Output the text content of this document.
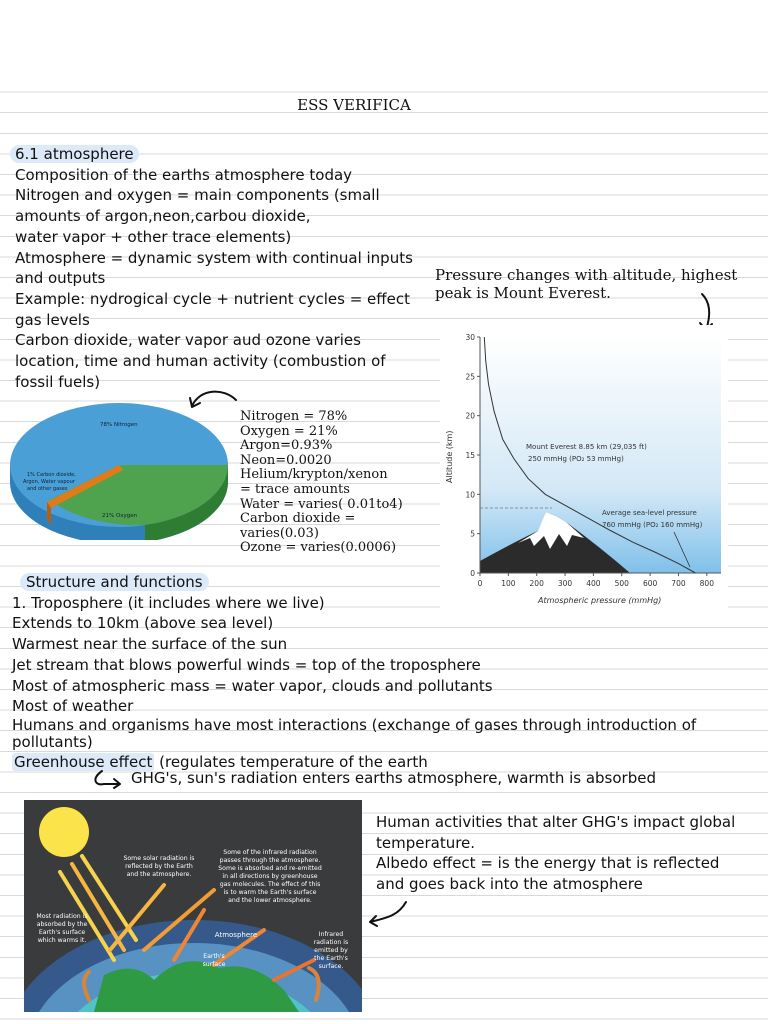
ESS VERIFICA
6.1 atmosphere
Composition of the earths atmosphere today
Nitrogen and oxygen = main components (small
amounts of argon,neon,carbou dioxide,
water vapor + other trace elements)
Atmosphere = dynamic system with continual inputs
and outputs
Example: nydrogical cycle + nutrient cycles = effect
gas levels
Carbon dioxide, water vapor aud ozone varies
location, time and human activity (combustion of
fossil fuels)
Pressure changes with altitude, highest
peak is Mount Everest.
78% Nitrogen
21% Oxygen
1% Carbon dioxide,
Argon, Water vapour
and other gases
Nitrogen = 78%
Oxygen = 21%
Argon=0.93%
Neon=0.0020
Helium/krypton/xenon
= trace amounts
Water = varies( 0.01to4)
Carbon dioxide =
varies(0.03)
Ozone = varies(0.0006)
0	100 200 300 400 500 600 700 800
0
5
10
15
20
25
30
Altitude (km)
Atmospheric pressure (mmHg)
Mount Everest 8.85 km (29,035 ft)
250 mmHg (PO₂ 53 mmHg)
Average sea-level pressure
760 mmHg (PO₂ 160 mmHg)
Structure and functions
1. Troposphere (it includes where we live)
Extends to 10km (above sea level)
Warmest near the surface of the sun
Jet stream that blows powerful winds = top of the troposphere
Most of atmospheric mass = water vapor, clouds and pollutants
Most of weather
Humans and organisms have most interactions (exchange of gases through introduction of
pollutants)
Greenhouse effect (regulates temperature of the earth
GHG's, sun's radiation enters earths atmosphere, warmth is absorbed
Some solar radiation is
reflected by the Earth
and the atmosphere.
Some of the infrared radiation
passes through the atmosphere.
Some is absorbed and re-emitted
in all directions by greenhouse
gas molecules. The effect of this
is to warm the Earth's surface
and the lower atmosphere.
Most radiation is
absorbed by the
Earth's surface
which warms it.
Atmosphere
Earth's
surface
Infrared
radiation is
emitted by
the Earth's
surface.
Human activities that alter GHG's impact global
temperature.
Albedo effect = is the energy that is reflected
and goes back into the atmosphere
